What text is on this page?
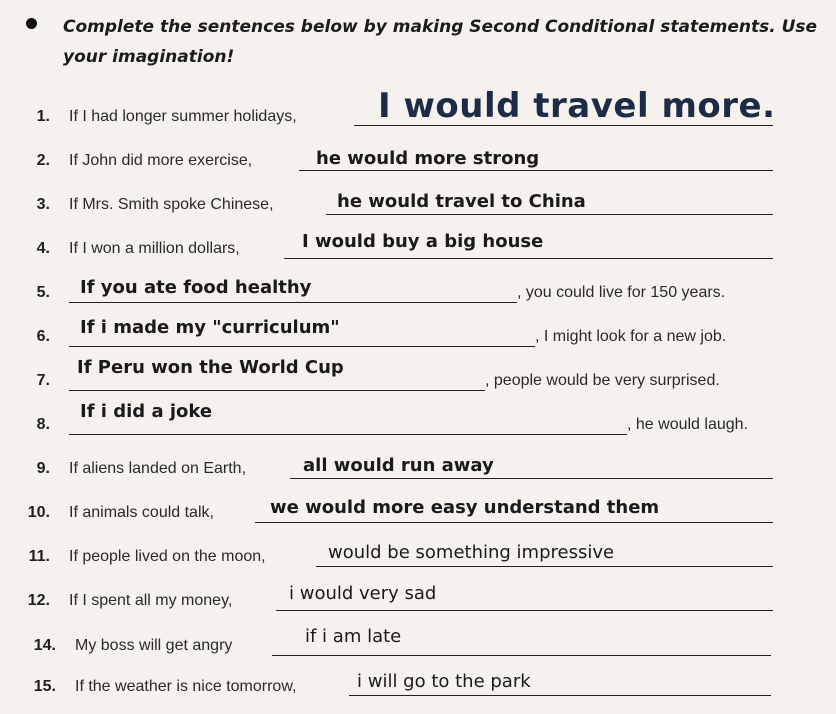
Complete the sentences below by making Second Conditional statements. Use your imagination!
1. If I had longer summer holidays, I would travel more.
2. If John did more exercise,	he would more strong
3. If Mrs. Smith spoke Chinese,	he would travel to China
4. If I won a million dollars,	I would buy a big house
5. If you ate food healthy	, you could live for 150 years.
6. If i made my "curriculum"	, I might look for a new job.
7.
If Peru won the World Cup
, people would be very surprised.
8.
If i did a joke
, he would laugh.
9. If aliens landed on Earth,	all would run away
10. If animals could talk,	we would more easy understand them
11. If people lived on the moon,	would be something impressive
12. If I spent all my money,	i would very sad
14. My boss will get angry	if i am late
15. If the weather is nice tomorrow,	i will go to the park
